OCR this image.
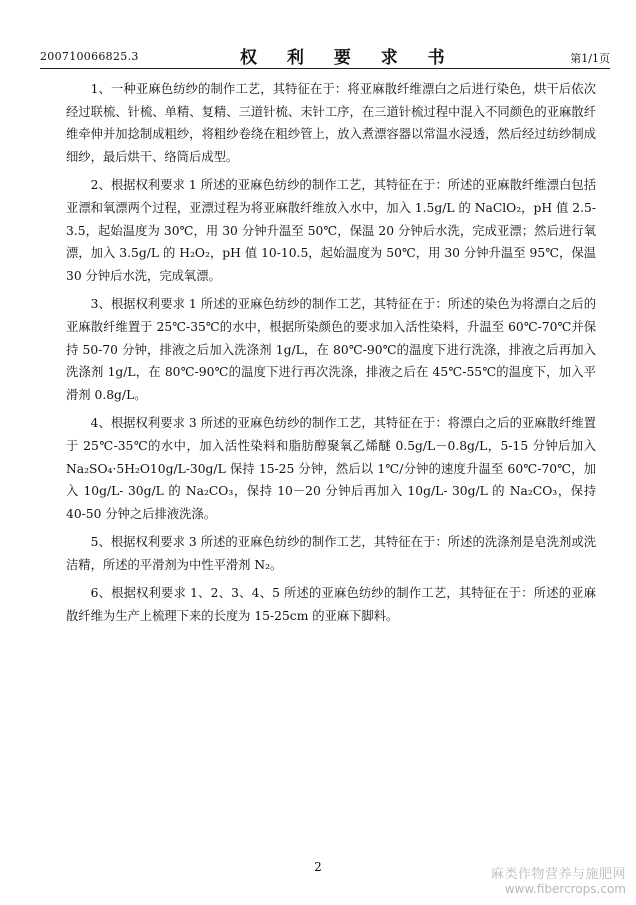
200710066825.3	权 利 要 求 书	第1/1页

1、一种亚麻色纺纱的制作工艺，其特征在于：将亚麻散纤维漂白之后进行染色，烘干后依次经过联梳、针梳、单精、复精、三道针梳、末针工序，在三道针梳过程中混入不同颜色的亚麻散纤维牵伸并加捻制成粗纱，将粗纱卷绕在粗纱管上，放入煮漂容器以常温水浸透，然后经过纺纱制成细纱，最后烘干、络筒后成型。

2、根据权利要求 1 所述的亚麻色纺纱的制作工艺，其特征在于：所述的亚麻散纤维漂白包括亚漂和氧漂两个过程，亚漂过程为将亚麻散纤维放入水中，加入 1.5g/L 的 NaClO₂，pH 值 2.5-3.5，起始温度为 30℃，用 30 分钟升温至 50℃，保温 20 分钟后水洗，完成亚漂；然后进行氧漂，加入 3.5g/L 的 H₂O₂，pH 值 10-10.5，起始温度为 50℃，用 30 分钟升温至 95℃，保温 30 分钟后水洗，完成氧漂。

3、根据权利要求 1 所述的亚麻色纺纱的制作工艺，其特征在于：所述的染色为将漂白之后的亚麻散纤维置于 25℃-35℃的水中，根据所染颜色的要求加入活性染料，升温至 60℃-70℃并保持 50-70 分钟，排液之后加入洗涤剂 1g/L，在 80℃-90℃的温度下进行洗涤，排液之后再加入洗涤剂 1g/L，在 80℃-90℃的温度下进行再次洗涤，排液之后在 45℃-55℃的温度下，加入平滑剂 0.8g/L。

4、根据权利要求 3 所述的亚麻色纺纱的制作工艺，其特征在于：将漂白之后的亚麻散纤维置于 25℃-35℃的水中，加入活性染料和脂肪醇聚氧乙烯醚 0.5g/L－0.8g/L，5-15 分钟后加入 Na₂SO₄·5H₂O10g/L-30g/L 保持 15-25 分钟，然后以 1℃/分钟的速度升温至 60℃-70℃，加入 10g/L- 30g/L 的 Na₂CO₃，保持 10－20 分钟后再加入 10g/L- 30g/L 的 Na₂CO₃，保持 40-50 分钟之后排液洗涤。

5、根据权利要求 3 所述的亚麻色纺纱的制作工艺，其特征在于：所述的洗涤剂是皂洗剂或洗洁精，所述的平滑剂为中性平滑剂 N₂。

6、根据权利要求 1、2、3、4、5 所述的亚麻色纺纱的制作工艺，其特征在于：所述的亚麻散纤维为生产上梳理下来的长度为 15-25cm 的亚麻下脚料。

2	麻类作物营养与施肥网
www.fibercrops.com
